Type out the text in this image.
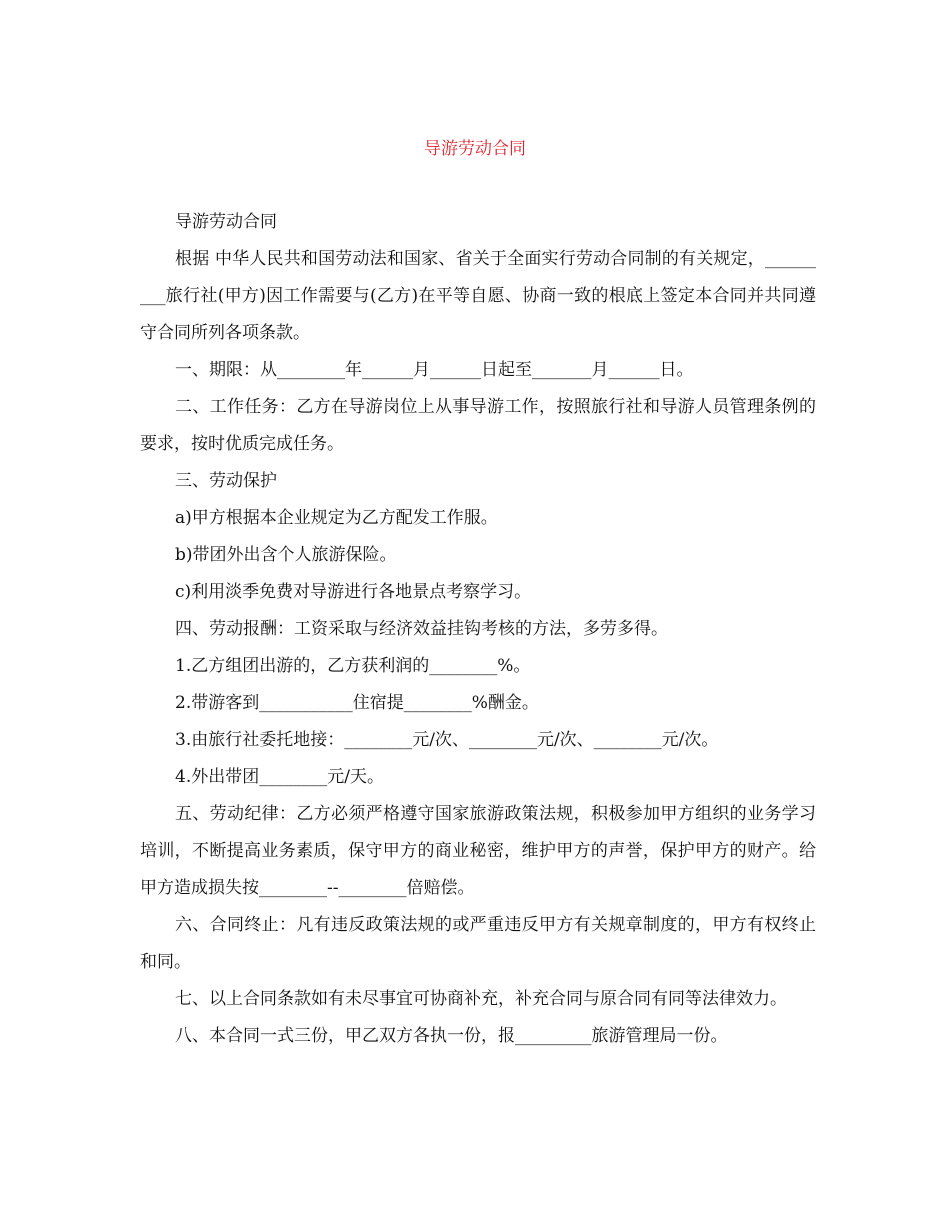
导游劳动合同

导游劳动合同

根据 中华人民共和国劳动法和国家、省关于全面实行劳动合同制的有关规定，_________旅行社(甲方)因工作需要与(乙方)在平等自愿、协商一致的根底上签定本合同并共同遵守合同所列各项条款。

一、期限：从________年______月______日起至_______月______日。

二、工作任务：乙方在导游岗位上从事导游工作，按照旅行社和导游人员管理条例的要求，按时优质完成任务。

三、劳动保护

a)甲方根据本企业规定为乙方配发工作服。

b)带团外出含个人旅游保险。

c)利用淡季免费对导游进行各地景点考察学习。

四、劳动报酬：工资采取与经济效益挂钩考核的方法，多劳多得。

1.乙方组团出游的，乙方获利润的________%。

2.带游客到___________住宿提________%酬金。

3.由旅行社委托地接：________元/次、________元/次、________元/次。

4.外出带团________元/天。

五、劳动纪律：乙方必须严格遵守国家旅游政策法规，积极参加甲方组织的业务学习培训，不断提高业务素质，保守甲方的商业秘密，维护甲方的声誉，保护甲方的财产。给甲方造成损失按________--________倍赔偿。

六、合同终止：凡有违反政策法规的或严重违反甲方有关规章制度的，甲方有权终止和同。

七、以上合同条款如有未尽事宜可协商补充，补充合同与原合同有同等法律效力。

八、本合同一式三份，甲乙双方各执一份，报_________旅游管理局一份。
